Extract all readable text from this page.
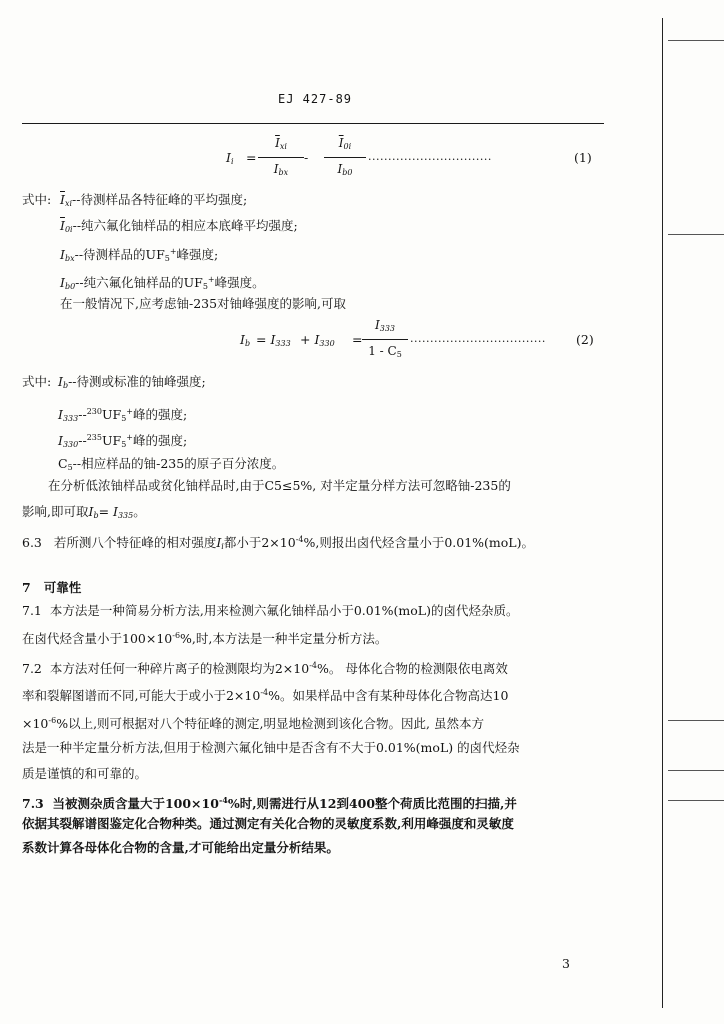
EJ 427-89
Ii =
$\overline{I}xi$
Ibx
-
$\overline{I}0i$
Ib0
...............................	(1)
式中: $\overline{I}xi--$待测样品各特征峰的平均强度;
$\overline{I}0i--$纯六氟化铀样品的相应本底峰平均强度;
Ibx--待测样品的UF5+峰强度;
Ib0--纯六氟化铀样品的UF5+峰强度。
在一般情况下,应考虑铀-235对铀峰强度的影响,可取
Ib = I333 + I330 =
I333
1 - C5
.................................. (2)
式中: Ib--待测或标准的铀峰强度;
I333--$^{230}$UF5+峰的强度;
I330--$^{235}$UF5+峰的强度;
C5--相应样品的铀-235的原子百分浓度。
在分析低浓铀样品或贫化铀样品时,由于C5≤5%, 对半定量分样方法可忽略铀-235的
影响,即可取Ib= I335。
6.3 若所测八个特征峰的相对强度Ii都小于$2\times 10^{-4}\%$,则报出卤代烃含量小于0.01%(moL)。
7 可靠性
7.1 本方法是一种简易分析方法,用来检测六氟化铀样品小于0.01%(moL)的卤代烃杂质。
在卤代烃含量小于$100\times 10^{-6}\%$,时,本方法是一种半定量分析方法。
7.2 本方法对任何一种碎片离子的检测限均为$2\times 10^{-4}\%$。 母体化合物的检测限依电离效
率和裂解图谱而不同,可能大于或小于$2\times 10^{-4}\%$。如果样品中含有某种母体化合物高达10
$\times 10^{-6}\%$以上,则可根据对八个特征峰的测定,明显地检测到该化合物。因此, 虽然本方
法是一种半定量分析方法,但用于检测六氟化铀中是否含有不大于0.01%(moL) 的卤代烃杂
质是谨慎的和可靠的。
7.3 当被测杂质含量大于$100\times 10^{-4}\%$时,则需进行从12到400整个荷质比范围的扫描,并
依据其裂解谱图鉴定化合物种类。通过测定有关化合物的灵敏度系数,利用峰强度和灵敏度
系数计算各母体化合物的含量,才可能给出定量分析结果。
3
